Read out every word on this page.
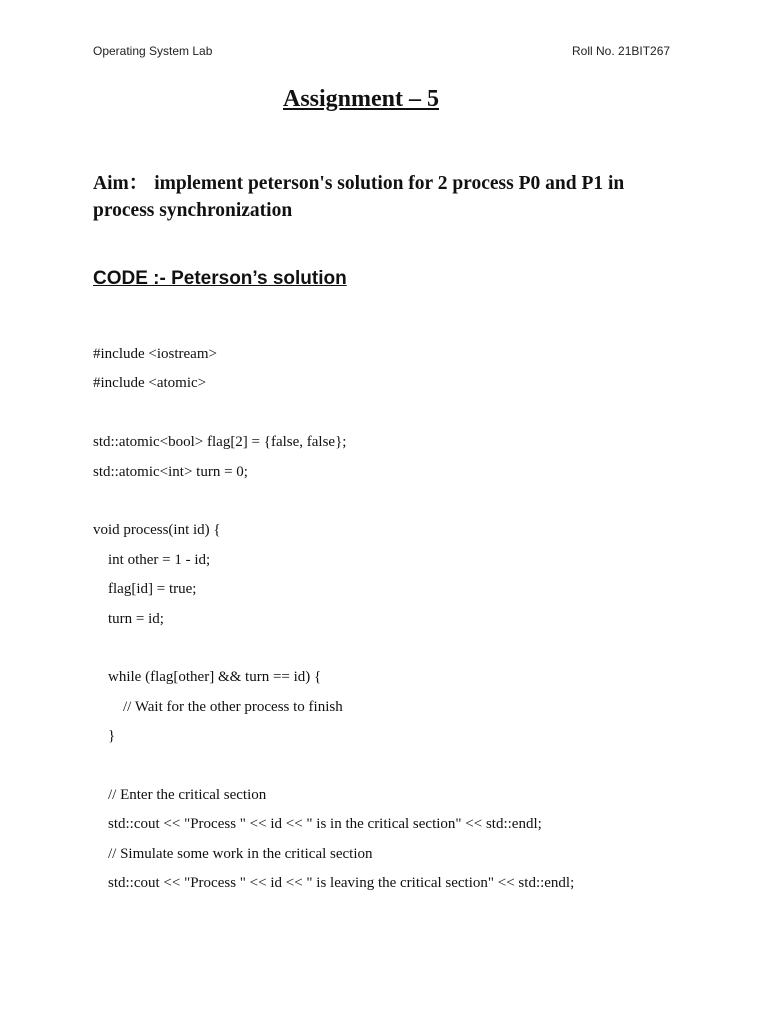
Operating System Lab	Roll No. 21BIT267
Assignment – 5
Aim： implement peterson's solution for 2 process P0 and P1 in process synchronization
CODE :- Peterson’s solution
#include <iostream>
#include <atomic>
std::atomic<bool> flag[2] = {false, false};
std::atomic<int> turn = 0;
void process(int id) {
int other = 1 - id;
flag[id] = true;
turn = id;
while (flag[other] && turn == id) {
// Wait for the other process to finish
}
// Enter the critical section
std::cout << "Process " << id << " is in the critical section" << std::endl;
// Simulate some work in the critical section
std::cout << "Process " << id << " is leaving the critical section" << std::endl;
